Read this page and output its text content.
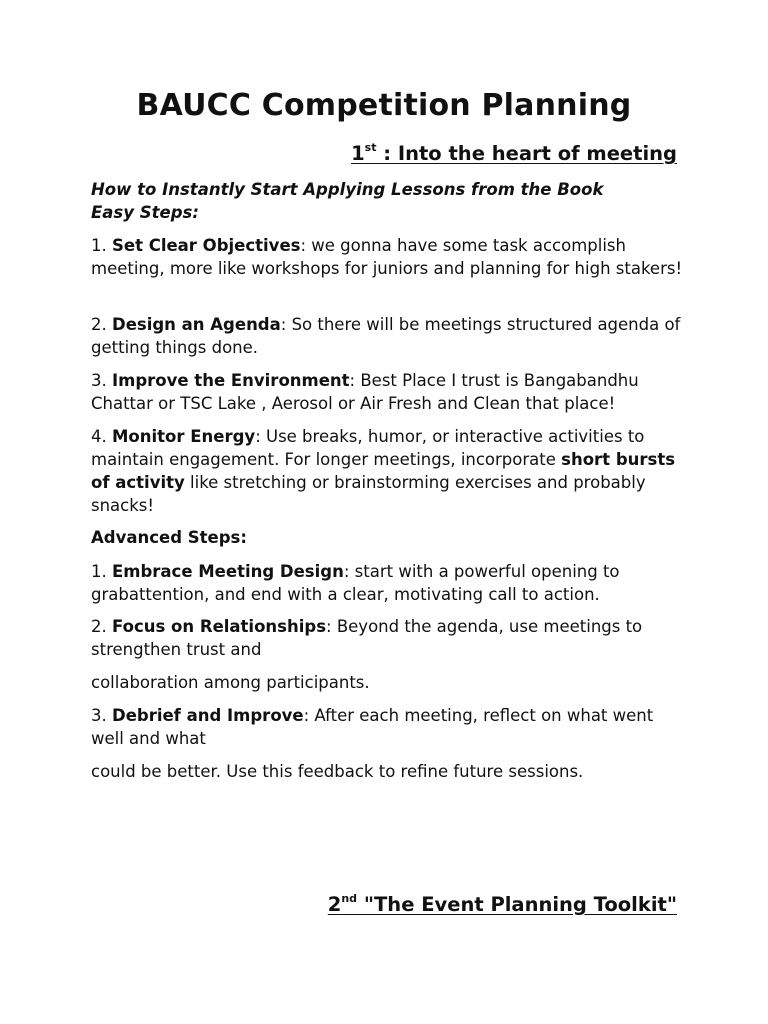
BAUCC Competition Planning
1st : Into the heart of meeting

How to Instantly Start Applying Lessons from the Book
Easy Steps:

1. Set Clear Objectives: we gonna have some task accomplish meeting, more like workshops for juniors and planning for high stakers!

2. Design an Agenda: So there will be meetings structured agenda of getting things done.

3. Improve the Environment: Best Place I trust is Bangabandhu Chattar or TSC Lake , Aerosol or Air Fresh and Clean that place!

4. Monitor Energy: Use breaks, humor, or interactive activities to maintain engagement. For longer meetings, incorporate short bursts of activity like stretching or brainstorming exercises and probably snacks!

Advanced Steps:

1. Embrace Meeting Design: start with a powerful opening to grabattention, and end with a clear, motivating call to action.

2. Focus on Relationships: Beyond the agenda, use meetings to strengthen trust and

collaboration among participants.

3. Debrief and Improve: After each meeting, reflect on what went well and what

could be better. Use this feedback to refine future sessions.

2nd "The Event Planning Toolkit"
